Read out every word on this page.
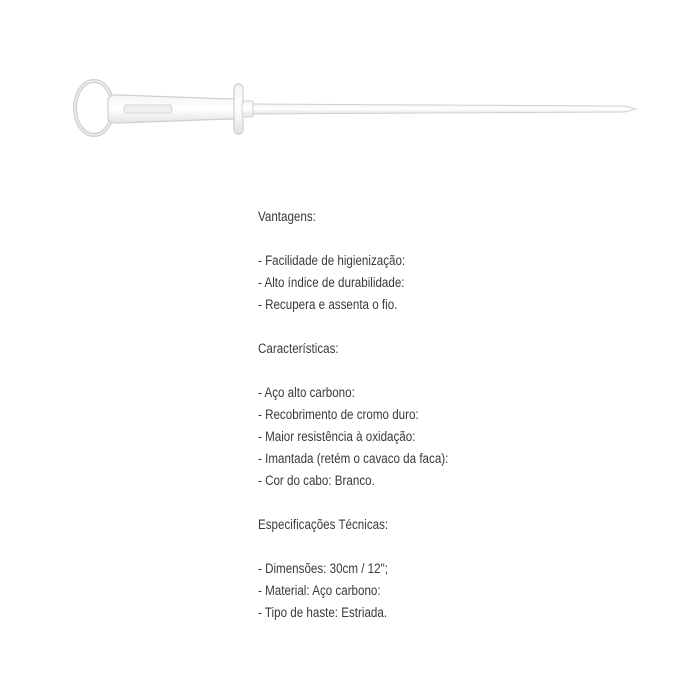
Vantagens:

- Facilidade de higienização:
- Alto índice de durabilidade:
- Recupera e assenta o fio.

Características:

- Aço alto carbono:
- Recobrimento de cromo duro:
- Maior resistência à oxidação:
- Imantada (retém o cavaco da faca):
- Cor do cabo: Branco.

Especificações Técnicas:

- Dimensões: 30cm / 12";
- Material: Aço carbono:
- Tipo de haste: Estriada.
